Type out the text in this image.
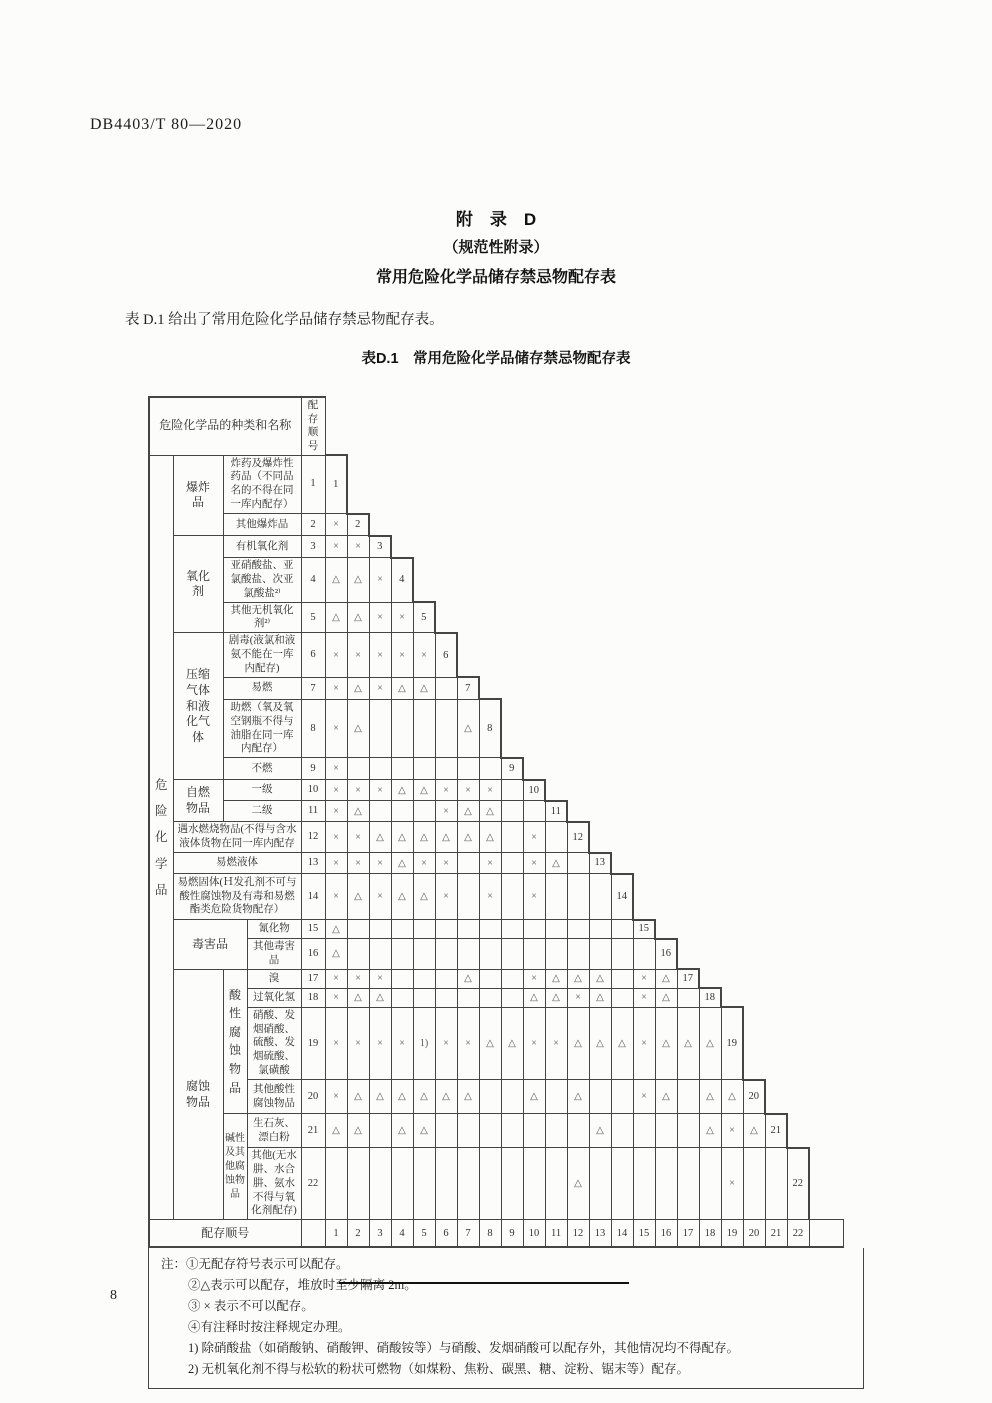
DB4403/T 80—2020
附　录　D
（规范性附录）
常用危险化学品储存禁忌物配存表
表 D.1 给出了常用危险化学品储存禁忌物配存表。
表D.1　常用危险化学品储存禁忌物配存表
危险化学品的种类和名称				配存顺号																							
危险化学品	爆炸品	炸药及爆炸性药品（不同品名的不得在同一库内配存）		1	1																						
		其他爆炸品		2	×	2																					
	氧化剂	有机氧化剂		3	×	×	3																				
		亚硝酸盐、亚氯酸盐、次亚氯酸盐²⁾		4	△	△	×	4																			
		其他无机氧化剂²⁾		5	△	△	×	×	5																		
	压缩气体和液化气体	剧毒(液氯和液氨不能在一库内配存)		6	×	×	×	×	×	6																	
		易燃		7	×	△	×	△	△		7																
		助燃（氧及氧空钢瓶不得与油脂在同一库内配存）		8	×	△					△	8															
		不燃		9	×								9														
	自燃物品	一级		10	×	×	×	△	△	×	×	×		10													
		二级		11	×	△				×	△	△			11												
	遇水燃烧物品(不得与含水液体货物在同一库内配存			12	×	×	△	△	△	△	△	△		×		12											
	易燃液体			13	×	×	×	△	×	×		×		×	△		13										
	易燃固体(Ｈ发孔剂不可与酸性腐蚀物及有毒和易燃酯类危险货物配存）			14	×	△	×	△	△	×		×		×				14									
	毒害品		氰化物	15	△														15								
			其他毒害品	16	△															16							
	腐蚀物品	酸性腐蚀物品	溴	17	×	×	×				△			×	△	△	△		×	△	17						
			过氧化氢	18	×	△	△							△	△	×	△		×	△		18					
			硝酸、发烟硝酸、硫酸、发烟硫酸、氯磺酸	19	×	×	×	×	1)	×	×	△	△	×	×	△	△	△	×	△	△	△	19				
			其他酸性腐蚀物品	20	×	△	△	△	△	△	△			△		△			×	△		△	△	20			
		碱性及其他腐蚀物品	生石灰、漂白粉	21	△	△		△	△								△					△	×	△	21		
			其他(无水肼、水合肼、氨水不得与氧化剂配存)	22												△							×			22	
配存顺号					1	2	3	4	5	6	7	8	9	10	11	12	13	14	15	16	17	18	19	20	21	22	
注：①无配存符号表示可以配存。
②△表示可以配存，堆放时至少隔离 2m。
③ × 表示不可以配存。
④有注释时按注释规定办理。
1) 除硝酸盐（如硝酸钠、硝酸钾、硝酸铵等）与硝酸、发烟硝酸可以配存外，其他情况均不得配存。
2) 无机氧化剂不得与松软的粉状可燃物（如煤粉、焦粉、碳黑、糖、淀粉、锯末等）配存。
8
